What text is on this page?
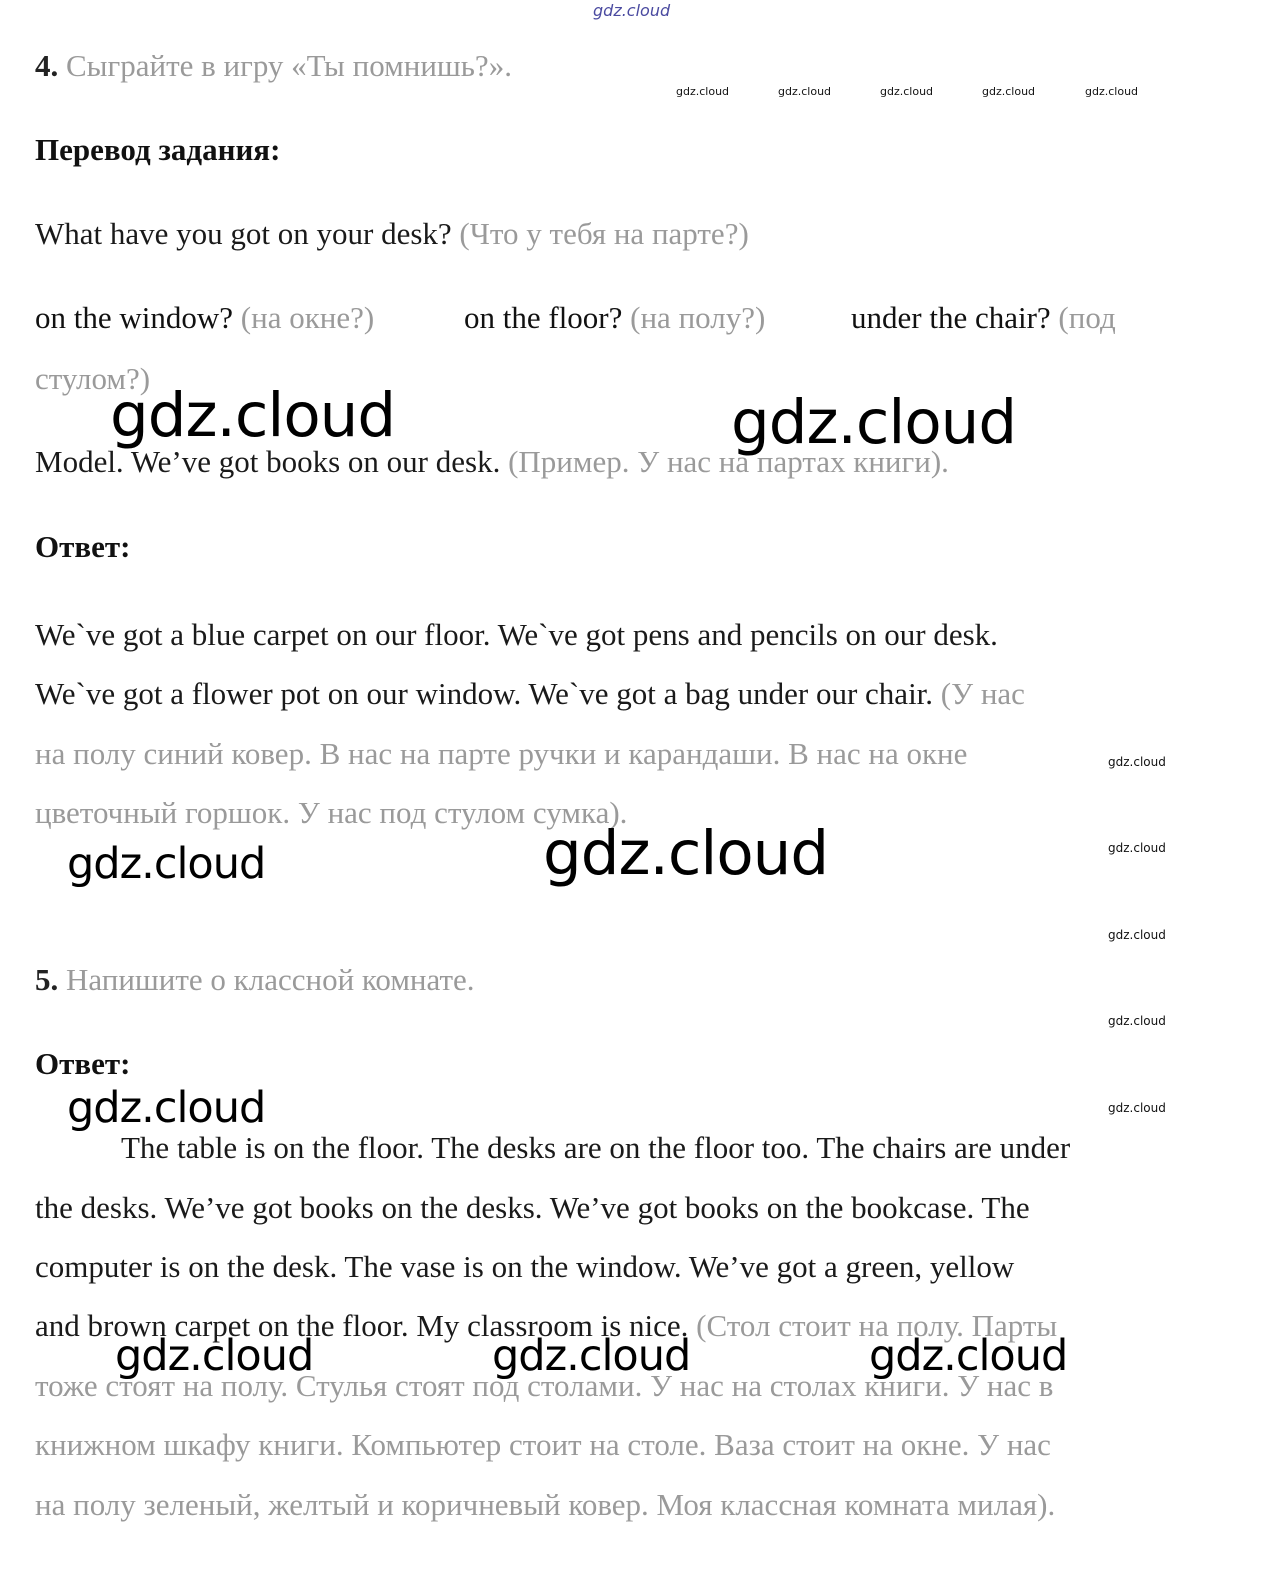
gdz.cloud
4. Сыграйте в игру «Ты помнишь?».
gdz.cloud	gdz.cloud	gdz.cloud	gdz.cloud	gdz.cloud
Перевод задания:
What have you got on your desk? (Что у тебя на парте?)
on the window? (на окне?)	on the floor? (на полу?)	under the chair? (под
стулом?)
gdz.cloud	gdz.cloud
Model. We’ve got books on our desk. (Пример. У нас на партах книги).
Ответ:
We`ve got a blue carpet on our floor. We`ve got pens and pencils on our desk.
We`ve got a flower pot on our window. We`ve got a bag under our chair. (У нас
на полу синий ковер. В нас на парте ручки и карандаши. В нас на окне
цветочный горшок. У нас под стулом сумка).
gdz.cloud
gdz.cloud
gdz.cloud
gdz.cloud
gdz.cloud
gdz.cloud	gdz.cloud
5. Напишите о классной комнате.
Ответ:
gdz.cloud
The table is on the floor. The desks are on the floor too. The chairs are under
the desks. We’ve got books on the desks. We’ve got books on the bookcase. The
computer is on the desk. The vase is on the window. We’ve got a green, yellow
and brown carpet on the floor. My classroom is nice. (Стол стоит на полу. Парты
gdz.cloud	gdz.cloud	gdz.cloud
тоже стоят на полу. Стулья стоят под столами. У нас на столах книги. У нас в
книжном шкафу книги. Компьютер стоит на столе. Ваза стоит на окне. У нас
на полу зеленый, желтый и коричневый ковер. Моя классная комната милая).
